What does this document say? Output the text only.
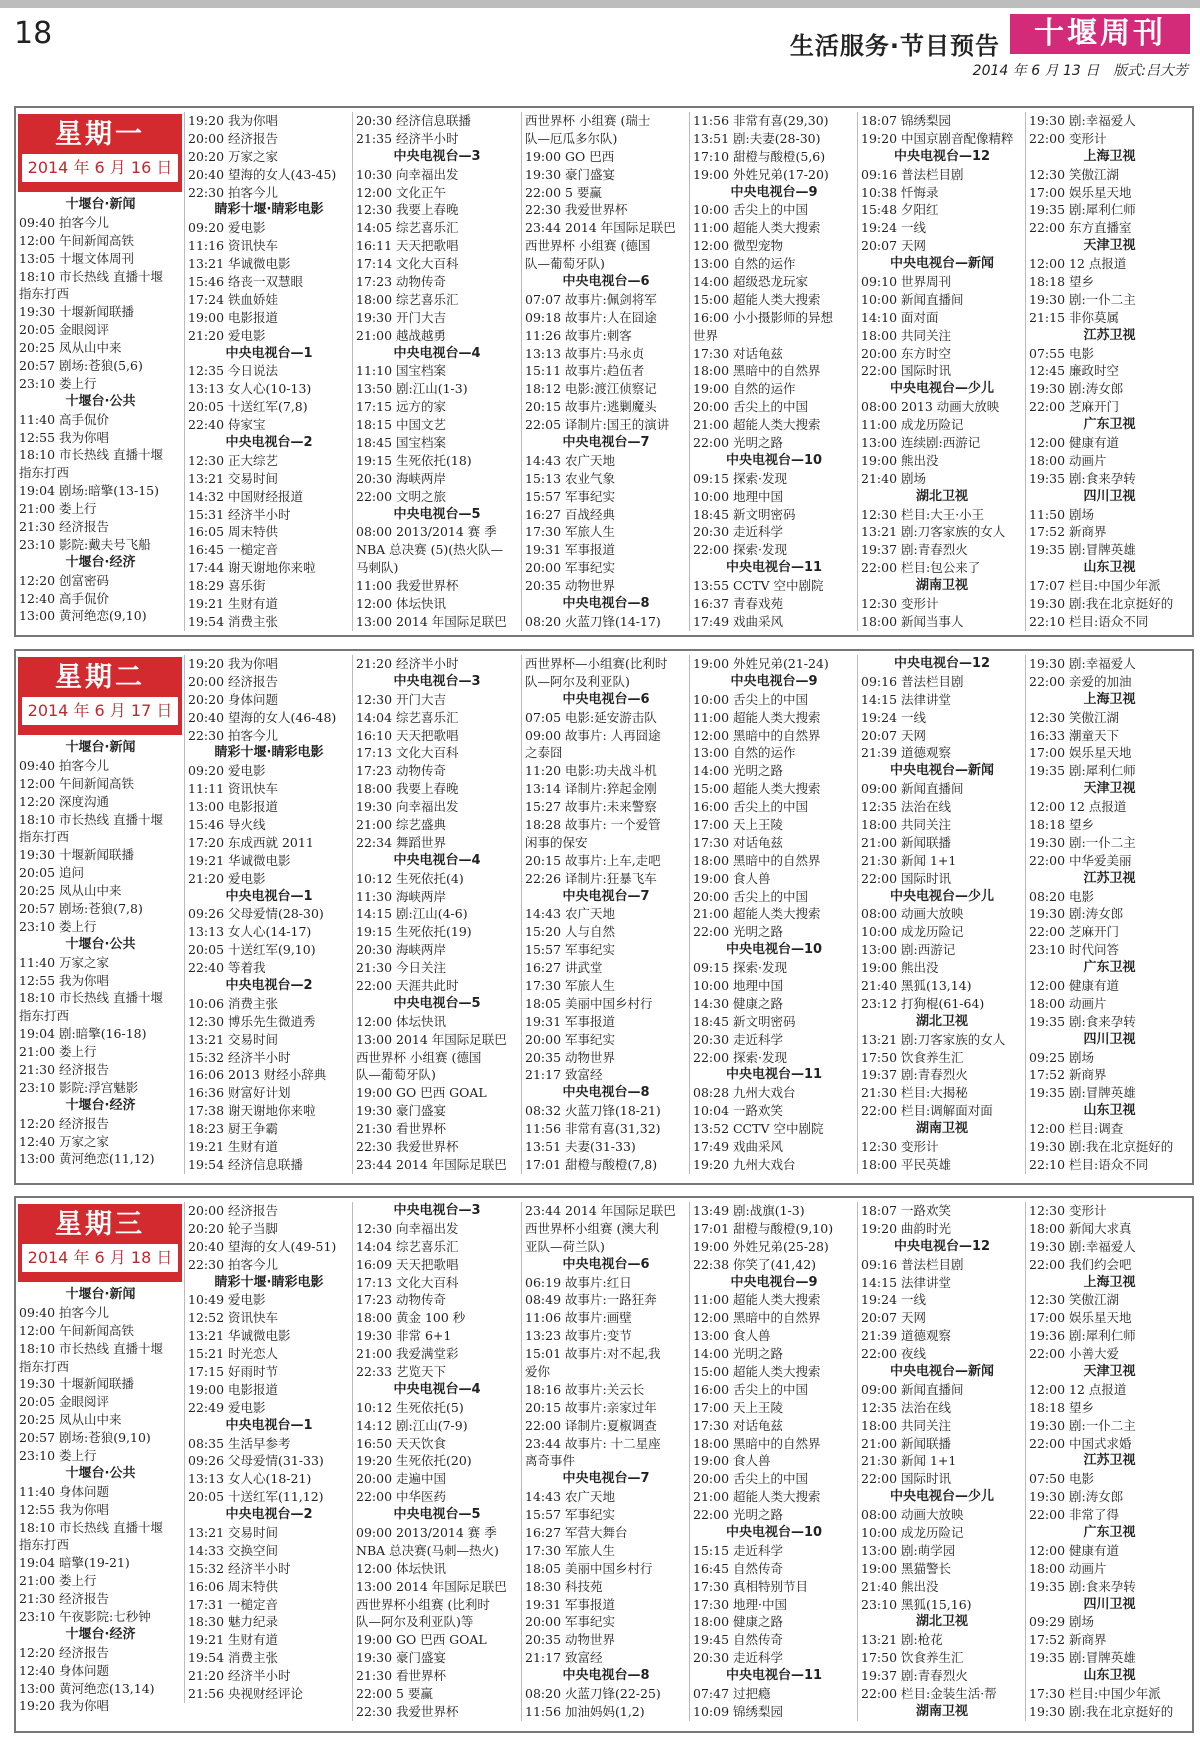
18	生活服务·节目预告	十堰周刊
2014 年 6 月 13 日 版式:吕大芳
星期一
2014 年 6 月 16 日
十堰台·新闻
09:40 拍客今儿
12:00 午间新闻高铁
13:05 十堰文体周刊
18:10 市长热线 直播十堰
指东打西
19:30 十堰新闻联播
20:05 金眼阅评
20:25 凤从山中来
20:57 剧场:苍狼(5,6)
23:10 娄上行
十堰台·公共
11:40 高手侃价
12:55 我为你唱
18:10 市长热线 直播十堰
指东打西
19:04 剧场:暗擎(13-15)
21:00 娄上行
21:30 经济报告
23:10 影院:戴夫号飞船
十堰台·经济
12:20 创富密码
12:40 高手侃价
13:00 黄河绝恋(9,10)
19:20 我为你唱
20:00 经济报告
20:20 万家之家
20:40 望海的女人(43-45)
22:30 拍客今儿
睛彩十堰·睛彩电影
09:20 爱电影
11:16 资讯快车
13:21 华诚微电影
15:46 络丧一双慧眼
17:24 铁血娇娃
19:00 电影报道
21:20 爱电影
中央电视台—1
12:35 今日说法
13:13 女人心(10-13)
20:05 十送红军(7,8)
22:40 侍家宝
中央电视台—2
12:30 正大综艺
13:21 交易时间
14:32 中国财经报道
15:31 经济半小时
16:05 周末特供
16:45 一槌定音
17:44 谢天谢地你来啦
18:29 喜乐街
19:21 生财有道
19:54 消费主张
20:30 经济信息联播
21:35 经济半小时
中央电视台—3
10:30 向幸福出发
12:00 文化正午
12:30 我要上春晚
14:05 综艺喜乐汇
16:11 天天把歌唱
17:14 文化大百科
17:23 动物传奇
18:00 综艺喜乐汇
19:30 开门大吉
21:00 越战越勇
中央电视台—4
11:10 国宝档案
13:50 剧:江山(1-3)
17:15 远方的家
18:15 中国文艺
18:45 国宝档案
19:15 生死依托(18)
20:30 海峡两岸
22:00 文明之旅
中央电视台—5
08:00 2013/2014 赛 季
NBA 总决赛 (5)(热火队—
马刺队)
11:00 我爱世界杯
12:00 体坛快讯
13:00 2014 年国际足联巴
西世界杯 小组赛 (瑞士
队—厄瓜多尔队)
19:00 GO 巴西
19:30 豪门盛宴
22:00 5 要赢
22:30 我爱世界杯
23:44 2014 年国际足联巴
西世界杯 小组赛 (德国
队—葡萄牙队)
中央电视台—6
07:07 故事片:佩剑将军
09:18 故事片:人在囧途
11:26 故事片:刺客
13:13 故事片:马永贞
15:11 故事片:趋伍者
18:12 电影:渡江侦察记
20:15 故事片:逃剿魔头
22:05 译制片:国王的演讲
中央电视台—7
14:43 农广天地
15:13 农业气象
15:57 军事纪实
16:27 百战经典
17:30 军旅人生
19:31 军事报道
20:00 军事纪实
20:35 动物世界
中央电视台—8
08:20 火蓝刀锋(14-17)
11:56 非常有喜(29,30)
13:51 剧:夫妻(28-30)
17:10 甜橙与酸橙(5,6)
19:00 外姓兄弟(17-20)
中央电视台—9
10:00 舌尖上的中国
11:00 超能人类大搜索
12:00 微型宠物
13:00 自然的运作
14:00 超级恐龙玩家
15:00 超能人类大搜索
16:00 小小摄影师的异想
世界
17:30 对话龟兹
18:00 黑暗中的自然界
19:00 自然的运作
20:00 舌尖上的中国
21:00 超能人类大搜索
22:00 光明之路
中央电视台—10
09:15 探索·发现
10:00 地理中国
18:45 新文明密码
20:30 走近科学
22:00 探索·发现
中央电视台—11
13:55 CCTV 空中剧院
16:37 青春戏苑
17:49 戏曲采风
18:07 锦绣梨园
19:20 中国京剧音配像精粹
中央电视台—12
09:16 普法栏目剧
10:38 忏悔录
15:48 夕阳红
19:24 一线
20:07 天网
中央电视台—新闻
09:10 世界周刊
10:00 新闻直播间
14:10 面对面
18:00 共同关注
20:00 东方时空
22:00 国际时讯
中央电视台—少儿
08:00 2013 动画大放映
11:00 成龙历险记
13:00 连续剧:西游记
19:00 熊出没
21:40 剧场
湖北卫视
12:30 栏目:大王·小王
13:21 剧:刀客家族的女人
19:37 剧:青春烈火
22:00 栏目:包公来了
湖南卫视
12:30 变形计
18:00 新闻当事人
19:30 剧:幸福爱人
22:00 变形计
上海卫视
12:30 笑傲江湖
17:00 娱乐星天地
19:35 剧:犀利仁师
22:00 东方直播室
天津卫视
12:00 12 点报道
18:18 望乡
19:30 剧:一仆二主
21:15 非你莫属
江苏卫视
07:55 电影
12:45 廉政时空
19:30 剧:涛女郎
22:00 芝麻开门
广东卫视
12:00 健康有道
18:00 动画片
19:35 剧:食来孕转
四川卫视
11:50 剧场
17:52 新商界
19:35 剧:冒牌英雄
山东卫视
17:07 栏目:中国少年派
19:30 剧:我在北京挺好的
22:10 栏目:语众不同
星期二
2014 年 6 月 17 日
十堰台·新闻
09:40 拍客今儿
12:00 午间新闻高铁
12:20 深度沟通
18:10 市长热线 直播十堰
指东打西
19:30 十堰新闻联播
20:05 追问
20:25 凤从山中来
20:57 剧场:苍狼(7,8)
23:10 娄上行
十堰台·公共
11:40 万家之家
12:55 我为你唱
18:10 市长热线 直播十堰
指东打西
19:04 剧:暗擎(16-18)
21:00 娄上行
21:30 经济报告
23:10 影院:浮宫魅影
十堰台·经济
12:20 经济报告
12:40 万家之家
13:00 黄河绝恋(11,12)
19:20 我为你唱
20:00 经济报告
20:20 身体问题
20:40 望海的女人(46-48)
22:30 拍客今儿
睛彩十堰·睛彩电影
09:20 爱电影
11:11 资讯快车
13:00 电影报道
15:46 导火线
17:20 东成西就 2011
19:21 华诚微电影
21:20 爱电影
中央电视台—1
09:26 父母爱情(28-30)
13:13 女人心(14-17)
20:05 十送红军(9,10)
22:40 等着我
中央电视台—2
10:06 消费主张
12:30 博乐先生微逍秀
13:21 交易时间
15:32 经济半小时
16:06 2013 财经小辞典
16:36 财富好计划
17:38 谢天谢地你来啦
18:23 厨王争霸
19:21 生财有道
19:54 经济信息联播
21:20 经济半小时
中央电视台—3
12:30 开门大吉
14:04 综艺喜乐汇
16:10 天天把歌唱
17:13 文化大百科
17:23 动物传奇
18:00 我要上春晚
19:30 向幸福出发
21:00 综艺盛典
22:34 舞蹈世界
中央电视台—4
10:12 生死依托(4)
11:30 海峡两岸
14:15 剧:江山(4-6)
19:15 生死依托(19)
20:30 海峡两岸
21:30 今日关注
22:00 天涯共此时
中央电视台—5
12:00 体坛快讯
13:00 2014 年国际足联巴
西世界杯 小组赛 (德国
队—葡萄牙队)
19:00 GO 巴西 GOAL
19:30 豪门盛宴
21:30 看世界杯
22:30 我爱世界杯
23:44 2014 年国际足联巴
西世界杯—小组赛(比利时
队—阿尔及利亚队)
中央电视台—6
07:05 电影:延安游击队
09:00 故事片: 人再囧途
之泰囧
11:20 电影:功夫战斗机
13:14 译制片:猝起金刚
15:27 故事片:未来警察
18:28 故事片: 一个爱管
闲事的保安
20:15 故事片:上车,走吧
22:26 译制片:狂暴飞车
中央电视台—7
14:43 农广天地
15:20 人与自然
15:57 军事纪实
16:27 讲武堂
17:30 军旅人生
18:05 美丽中国乡村行
19:31 军事报道
20:00 军事纪实
20:35 动物世界
21:17 致富经
中央电视台—8
08:32 火蓝刀锋(18-21)
11:56 非常有喜(31,32)
13:51 夫妻(31-33)
17:01 甜橙与酸橙(7,8)
19:00 外姓兄弟(21-24)
中央电视台—9
10:00 舌尖上的中国
11:00 超能人类大搜索
12:00 黑暗中的自然界
13:00 自然的运作
14:00 光明之路
15:00 超能人类大搜索
16:00 舌尖上的中国
17:00 天上王陵
17:30 对话龟兹
18:00 黑暗中的自然界
19:00 食人兽
20:00 舌尖上的中国
21:00 超能人类大搜索
22:00 光明之路
中央电视台—10
09:15 探索·发现
10:00 地理中国
14:30 健康之路
18:45 新文明密码
20:30 走近科学
22:00 探索·发现
中央电视台—11
08:28 九州大戏台
10:04 一路欢笑
13:52 CCTV 空中剧院
17:49 戏曲采风
19:20 九州大戏台
中央电视台—12
09:16 普法栏目剧
14:15 法律讲堂
19:24 一线
20:07 天网
21:39 道德观察
中央电视台—新闻
09:00 新闻直播间
12:35 法治在线
18:00 共同关注
21:00 新闻联播
21:30 新闻 1+1
22:00 国际时讯
中央电视台—少儿
08:00 动画大放映
10:00 成龙历险记
13:00 剧:西游记
19:00 熊出没
21:40 黑狐(13,14)
23:12 打狗棍(61-64)
湖北卫视
13:21 剧:刀客家族的女人
17:50 饮食养生汇
19:37 剧:青春烈火
21:30 栏目:大揭秘
22:00 栏目:调解面对面
湖南卫视
12:30 变形计
18:00 平民英雄
19:30 剧:幸福爱人
22:00 亲爱的加油
上海卫视
12:30 笑傲江湖
16:33 潮童天下
17:00 娱乐星天地
19:35 剧:犀利仁师
天津卫视
12:00 12 点报道
18:18 望乡
19:30 剧:一仆二主
22:00 中华爱美丽
江苏卫视
08:20 电影
19:30 剧:涛女郎
22:00 芝麻开门
23:10 时代问答
广东卫视
12:00 健康有道
18:00 动画片
19:35 剧:食来孕转
四川卫视
09:25 剧场
17:52 新商界
19:35 剧:冒牌英雄
山东卫视
12:00 栏目:调查
19:30 剧:我在北京挺好的
22:10 栏目:语众不同
星期三
2014 年 6 月 18 日
十堰台·新闻
09:40 拍客今儿
12:00 午间新闻高铁
18:10 市长热线 直播十堰
指东打西
19:30 十堰新闻联播
20:05 金眼阅评
20:25 凤从山中来
20:57 剧场:苍狼(9,10)
23:10 娄上行
十堰台·公共
11:40 身体问题
12:55 我为你唱
18:10 市长热线 直播十堰
指东打西
19:04 暗擎(19-21)
21:00 娄上行
21:30 经济报告
23:10 午夜影院:七秒钟
十堰台·经济
12:20 经济报告
12:40 身体问题
13:00 黄河绝恋(13,14)
19:20 我为你唱
20:00 经济报告
20:20 轮子当脚
20:40 望海的女人(49-51)
22:30 拍客今儿
睛彩十堰·睛彩电影
10:49 爱电影
12:52 资讯快车
13:21 华诚微电影
15:21 时光恋人
17:15 好雨时节
19:00 电影报道
22:49 爱电影
中央电视台—1
08:35 生活早参考
09:26 父母爱情(31-33)
13:13 女人心(18-21)
20:05 十送红军(11,12)
中央电视台—2
13:21 交易时间
14:33 交换空间
15:32 经济半小时
16:06 周末特供
17:31 一槌定音
18:30 魅力纪录
19:21 生财有道
19:54 消费主张
21:20 经济半小时
21:56 央视财经评论
中央电视台—3
12:30 向幸福出发
14:04 综艺喜乐汇
16:09 天天把歌唱
17:13 文化大百科
17:23 动物传奇
18:00 黄金 100 秒
19:30 非常 6+1
21:00 我爱满堂彩
22:33 艺览天下
中央电视台—4
10:12 生死依托(5)
14:12 剧:江山(7-9)
16:50 天天饮食
19:20 生死依托(20)
20:00 走遍中国
22:00 中华医药
中央电视台—5
09:00 2013/2014 赛 季
NBA 总决赛(马刺—热火)
12:00 体坛快讯
13:00 2014 年国际足联巴
西世界杯小组赛 (比利时
队—阿尔及利亚队)等
19:00 GO 巴西 GOAL
19:30 豪门盛宴
21:30 看世界杯
22:00 5 要赢
22:30 我爱世界杯
23:44 2014 年国际足联巴
西世界杯小组赛 (澳大利
亚队—荷兰队)
中央电视台—6
06:19 故事片:红日
08:49 故事片:一路狂奔
11:06 故事片:画壁
13:23 故事片:变节
15:01 故事片:对不起,我
爱你
18:16 故事片:关云长
20:15 故事片:亲家过年
22:00 译制片:夏椒调查
23:44 故事片: 十二星座
离奇事件
中央电视台—7
14:43 农广天地
15:57 军事纪实
16:27 军营大舞台
17:30 军旅人生
18:05 美丽中国乡村行
18:30 科技苑
19:31 军事报道
20:00 军事纪实
20:35 动物世界
21:17 致富经
中央电视台—8
08:20 火蓝刀锋(22-25)
11:56 加油妈妈(1,2)
13:49 剧:战旗(1-3)
17:01 甜橙与酸橙(9,10)
19:00 外姓兄弟(25-28)
22:38 你笑了(41,42)
中央电视台—9
11:00 超能人类大搜索
12:00 黑暗中的自然界
13:00 食人兽
14:00 光明之路
15:00 超能人类大搜索
16:00 舌尖上的中国
17:00 天上王陵
17:30 对话龟兹
18:00 黑暗中的自然界
19:00 食人兽
20:00 舌尖上的中国
21:00 超能人类大搜索
22:00 光明之路
中央电视台—10
15:15 走近科学
16:45 自然传奇
17:30 真相特别节目
17:30 地理·中国
18:00 健康之路
19:45 自然传奇
20:30 走近科学
中央电视台—11
07:47 过把瘾
10:09 锦绣梨园
18:07 一路欢笑
19:20 曲韵时光
中央电视台—12
09:16 普法栏目剧
14:15 法律讲堂
19:24 一线
20:07 天网
21:39 道德观察
22:00 夜线
中央电视台—新闻
09:00 新闻直播间
12:35 法治在线
18:00 共同关注
21:00 新闻联播
21:30 新闻 1+1
22:00 国际时讯
中央电视台—少儿
08:00 动画大放映
10:00 成龙历险记
13:00 剧:萌学园
19:00 黑猫警长
21:40 熊出没
23:10 黑狐(15,16)
湖北卫视
13:21 剧:枪花
17:50 饮食养生汇
19:37 剧:青春烈火
22:00 栏目:金装生活·帮
湖南卫视
12:30 变形计
18:00 新闻大求真
19:30 剧:幸福爱人
22:00 我们约会吧
上海卫视
12:30 笑傲江湖
17:00 娱乐星天地
19:36 剧:犀利仁师
22:00 小善大爱
天津卫视
12:00 12 点报道
18:18 望乡
19:30 剧:一仆二主
22:00 中国式求婚
江苏卫视
07:50 电影
19:30 剧:涛女郎
22:00 非常了得
广东卫视
12:00 健康有道
18:00 动画片
19:35 剧:食来孕转
四川卫视
09:29 剧场
17:52 新商界
19:35 剧:冒牌英雄
山东卫视
17:30 栏目:中国少年派
19:30 剧:我在北京挺好的
